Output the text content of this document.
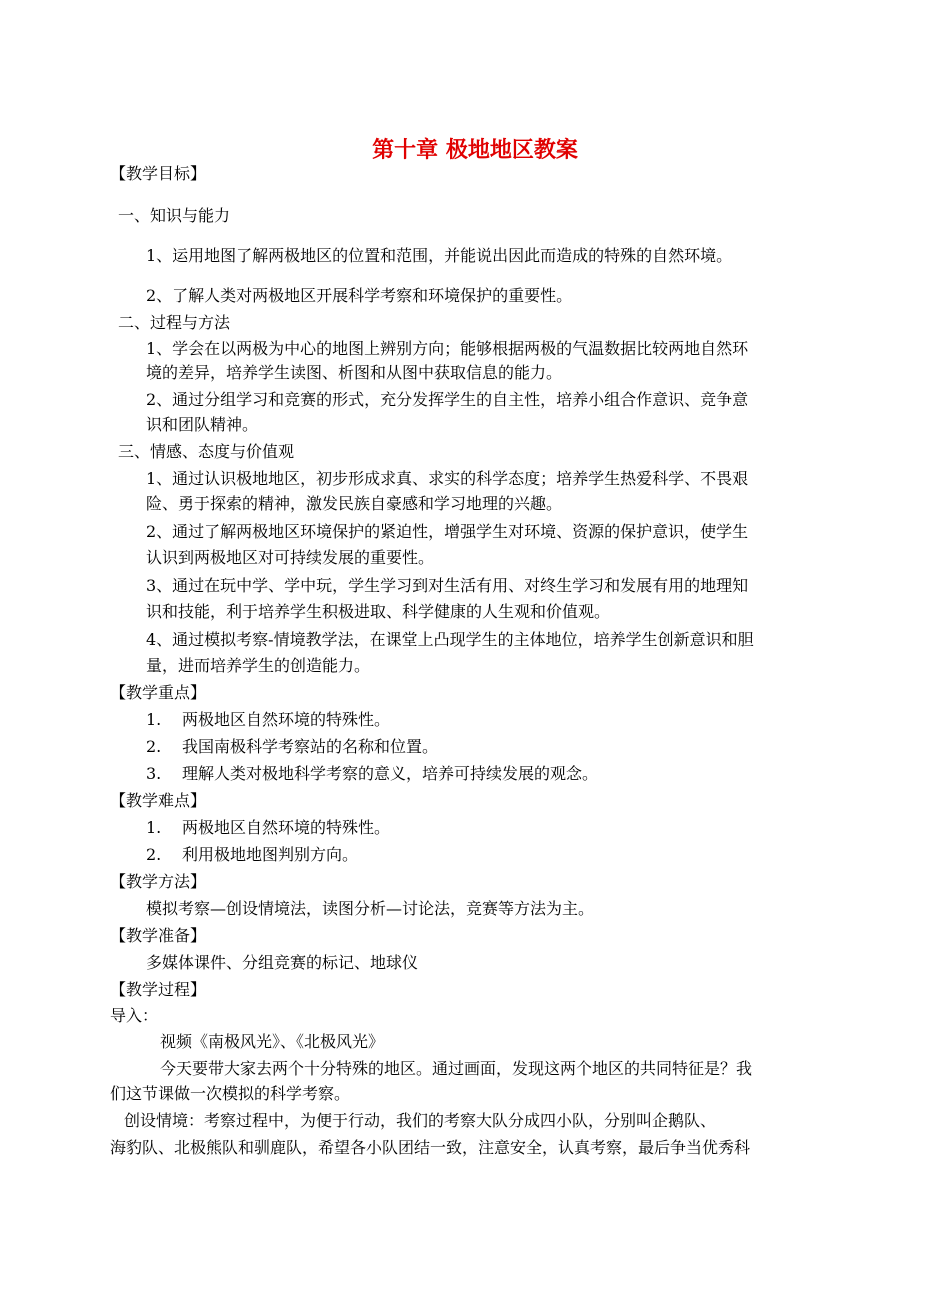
第十章 极地地区教案
【教学目标】
一、知识与能力
1、运用地图了解两极地区的位置和范围，并能说出因此而造成的特殊的自然环境。
2、了解人类对两极地区开展科学考察和环境保护的重要性。
二、过程与方法
1、学会在以两极为中心的地图上辨别方向；能够根据两极的气温数据比较两地自然环
境的差异，培养学生读图、析图和从图中获取信息的能力。
2、通过分组学习和竞赛的形式，充分发挥学生的自主性，培养小组合作意识、竞争意
识和团队精神。
三、情感、态度与价值观
1、通过认识极地地区，初步形成求真、求实的科学态度；培养学生热爱科学、不畏艰
险、勇于探索的精神，激发民族自豪感和学习地理的兴趣。
2、通过了解两极地区环境保护的紧迫性，增强学生对环境、资源的保护意识，使学生
认识到两极地区对可持续发展的重要性。
3、通过在玩中学、学中玩，学生学习到对生活有用、对终生学习和发展有用的地理知
识和技能，利于培养学生积极进取、科学健康的人生观和价值观。
4、通过模拟考察-情境教学法，在课堂上凸现学生的主体地位，培养学生创新意识和胆
量，进而培养学生的创造能力。
【教学重点】
1. 两极地区自然环境的特殊性。
2. 我国南极科学考察站的名称和位置。
3. 理解人类对极地科学考察的意义，培养可持续发展的观念。
【教学难点】
1. 两极地区自然环境的特殊性。
2. 利用极地地图判别方向。
【教学方法】
模拟考察—创设情境法，读图分析—讨论法，竞赛等方法为主。
【教学准备】
多媒体课件、分组竞赛的标记、地球仪
【教学过程】
导入：
视频《南极风光》、《北极风光》
今天要带大家去两个十分特殊的地区。通过画面，发现这两个地区的共同特征是？我
们这节课做一次模拟的科学考察。
创设情境：考察过程中，为便于行动，我们的考察大队分成四小队，分别叫企鹅队、
海豹队、北极熊队和驯鹿队，希望各小队团结一致，注意安全，认真考察，最后争当优秀科
